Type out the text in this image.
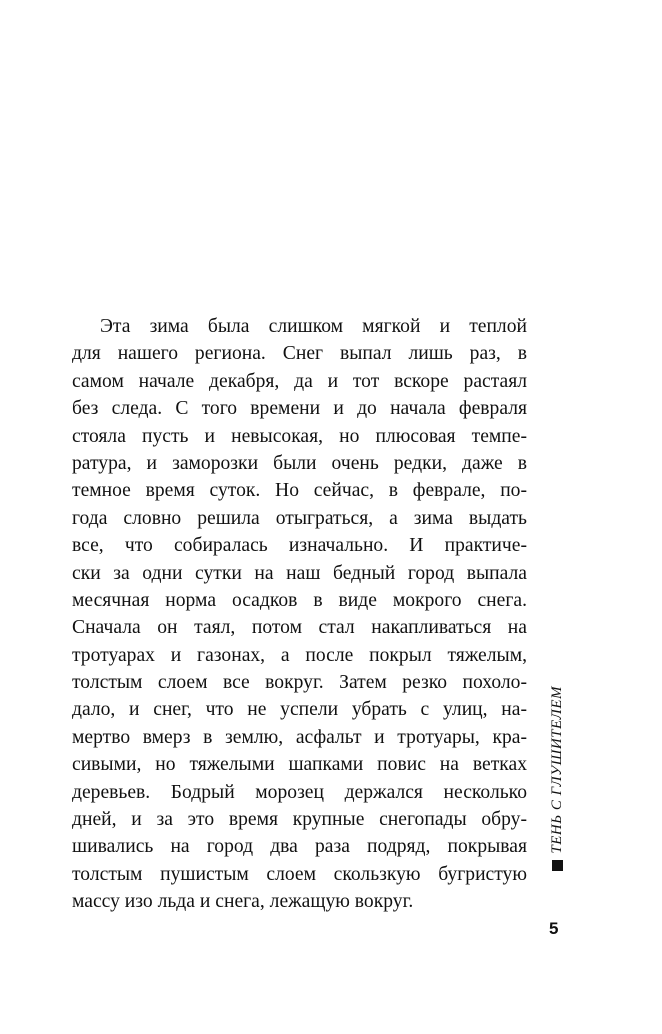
Эта зима была слишком мягкой и теплой
для нашего региона. Снег выпал лишь раз, в
самом начале декабря, да и тот вскоре растаял
без следа. С того времени и до начала февраля
стояла пусть и невысокая, но плюсовая темпе-
ратура, и заморозки были очень редки, даже в
темное время суток. Но сейчас, в феврале, по-
года словно решила отыграться, а зима выдать
все, что собиралась изначально. И практиче-
ски за одни сутки на наш бедный город выпала
месячная норма осадков в виде мокрого снега.
Сначала он таял, потом стал накапливаться на
тротуарах и газонах, а после покрыл тяжелым,
толстым слоем все вокруг. Затем резко похоло-
дало, и снег, что не успели убрать с улиц, на-
мертво вмерз в землю, асфальт и тротуары, кра-
сивыми, но тяжелыми шапками повис на ветках
деревьев. Бодрый морозец держался несколько
дней, и за это время крупные снегопады обру-
шивались на город два раза подряд, покрывая
толстым пушистым слоем скользкую бугристую
массу изо льда и снега, лежащую вокруг.
ТЕНЬ С ГЛУШИТЕЛЕМ
5
